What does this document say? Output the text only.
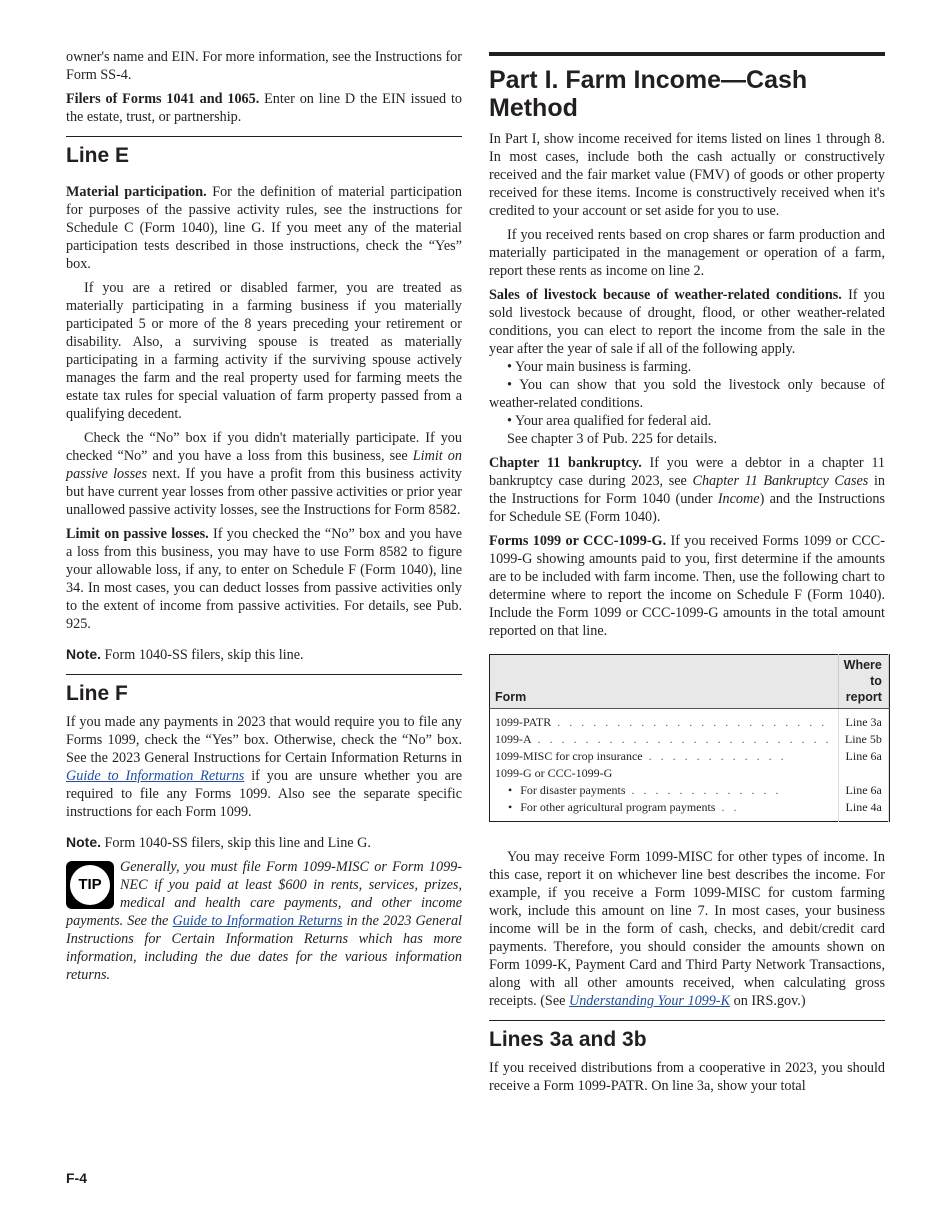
owner's name and EIN. For more information, see the Instructions for Form SS-4.

Filers of Forms 1041 and 1065. Enter on line D the EIN issued to the estate, trust, or partnership.

Line E

Material participation. For the definition of material participation for purposes of the passive activity rules, see the instructions for Schedule C (Form 1040), line G. If you meet any of the material participation tests described in those instructions, check the “Yes” box.

If you are a retired or disabled farmer, you are treated as materially participating in a farming business if you materially participated 5 or more of the 8 years preceding your retirement or disability. Also, a surviving spouse is treated as materially participating in a farming activity if the surviving spouse actively manages the farm and the real property used for farming meets the estate tax rules for special valuation of farm property passed from a qualifying decedent.

Check the “No” box if you didn't materially participate. If you checked “No” and you have a loss from this business, see Limit on passive losses next. If you have a profit from this business activity but have current year losses from other passive activities or prior year unallowed passive activity losses, see the Instructions for Form 8582.

Limit on passive losses. If you checked the “No” box and you have a loss from this business, you may have to use Form 8582 to figure your allowable loss, if any, to enter on Schedule F (Form 1040), line 34. In most cases, you can deduct losses from passive activities only to the extent of income from passive activities. For details, see Pub. 925.

Note. Form 1040-SS filers, skip this line.

Line F

If you made any payments in 2023 that would require you to file any Forms 1099, check the “Yes” box. Otherwise, check the “No” box. See the 2023 General Instructions for Certain Information Returns in Guide to Information Returns if you are unsure whether you are required to file any Forms 1099. Also see the separate specific instructions for each Form 1099.

Note. Form 1040-SS filers, skip this line and Line G.

TIP
Generally, you must file Form 1099-MISC or Form 1099-NEC if you paid at least $600 in rents, services, prizes, medical and health care payments, and other income payments. See the Guide to Information Returns in the 2023 General Instructions for Certain Information Returns which has more information, including the due dates for the various information returns.
Part I. Farm Income—Cash Method

In Part I, show income received for items listed on lines 1 through 8. In most cases, include both the cash actually or constructively received and the fair market value (FMV) of goods or other property received for these items. Income is constructively received when it's credited to your account or set aside for you to use.

If you received rents based on crop shares or farm production and materially participated in the management or operation of a farm, report these rents as income on line 2.

Sales of livestock because of weather-related conditions. If you sold livestock because of drought, flood, or other weather-related conditions, you can elect to report the income from the sale in the year after the year of sale if all of the following apply.

• Your main business is farming.

• You can show that you sold the livestock only because of weather-related conditions.

• Your area qualified for federal aid.

See chapter 3 of Pub. 225 for details.

Chapter 11 bankruptcy. If you were a debtor in a chapter 11 bankruptcy case during 2023, see Chapter 11 Bankruptcy Cases in the Instructions for Form 1040 (under Income) and the Instructions for Schedule SE (Form 1040).

Forms 1099 or CCC-1099-G. If you received Forms 1099 or CCC-1099-G showing amounts paid to you, first determine if the amounts are to be included with farm income. Then, use the following chart to determine where to report the income on Schedule F (Form 1040). Include the Form 1099 or CCC-1099-G amounts in the total amount reported on that line.

Form	Where to report	
1099-PATR . . . . . . . . . . . . . . . . . . . . . . .	Line 3a	
1099-A . . . . . . . . . . . . . . . . . . . . . . . . .	Line 5b	
1099-MISC for crop insurance . . . . . . . . . . . .	Line 6a	
1099-G or CCC-1099-G		
• For disaster payments . . . . . . . . . . . . .	Line 6a	
• For other agricultural program payments . .	Line 4a	

You may receive Form 1099-MISC for other types of income. In this case, report it on whichever line best describes the income. For example, if you receive a Form 1099-MISC for custom farming work, include this amount on line 7. In most cases, your business income will be in the form of cash, checks, and debit/credit card payments. Therefore, you should consider the amounts shown on Form 1099-K, Payment Card and Third Party Network Transactions, along with all other amounts received, when calculating gross receipts. (See Understanding Your 1099-K on IRS.gov.)

Lines 3a and 3b

If you received distributions from a cooperative in 2023, you should receive a Form 1099-PATR. On line 3a, show your total

F-4
